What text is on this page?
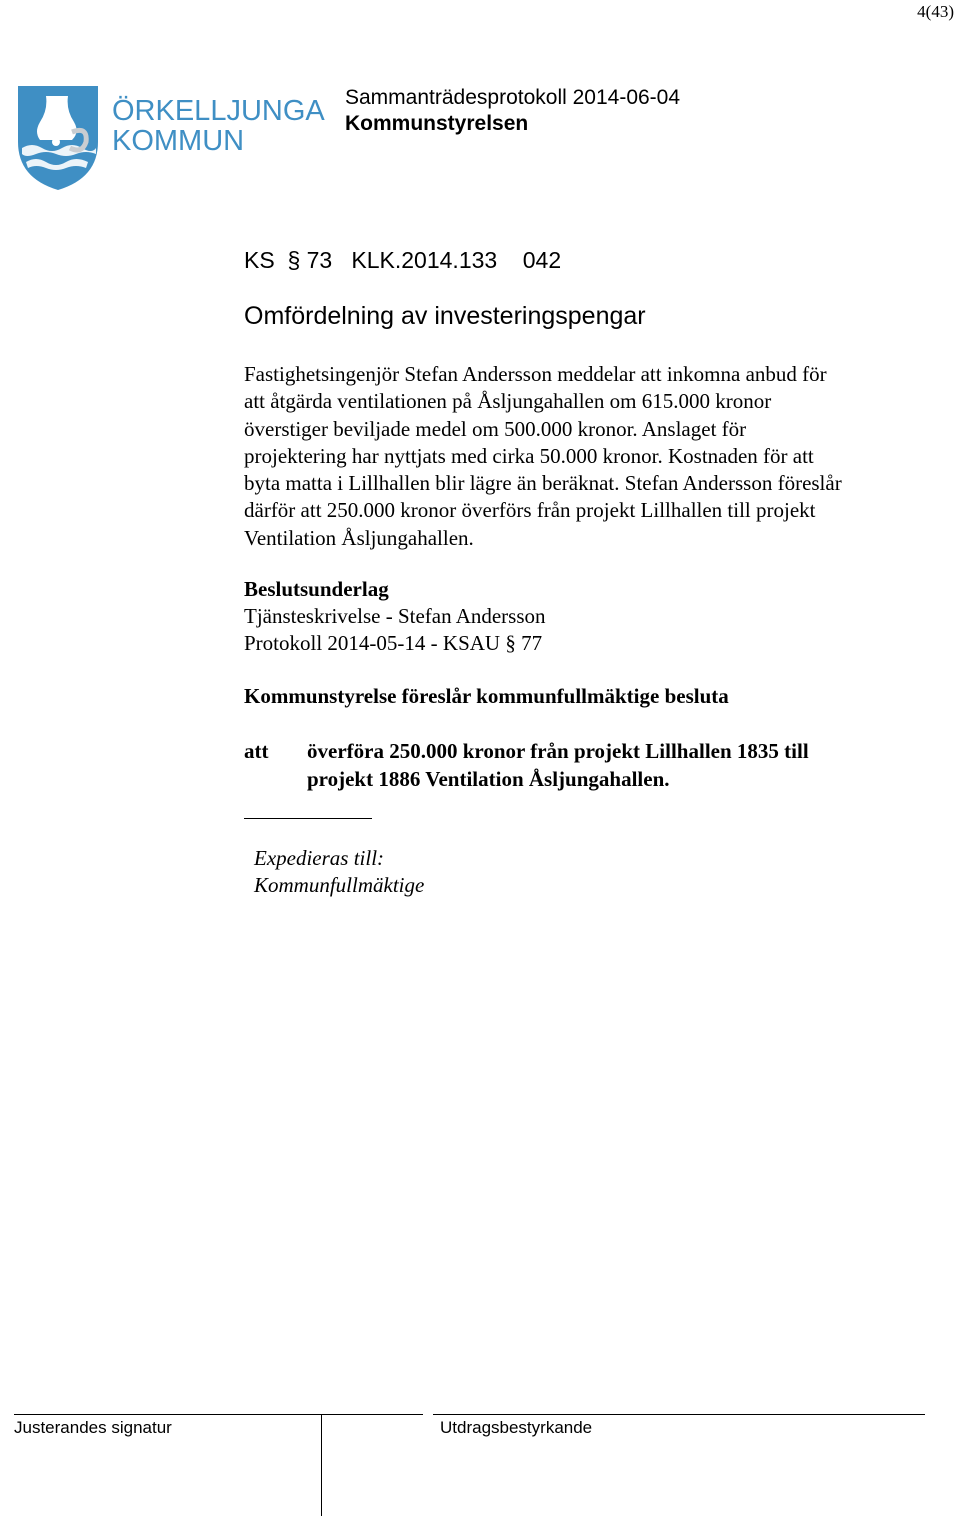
4(43)
ÖRKELLJUNGA
KOMMUN
Sammanträdesprotokoll 2014-06-04
Kommunstyrelsen
KS  § 73   KLK.2014.133    042
Omfördelning av investeringspengar
Fastighetsingenjör Stefan Andersson meddelar att inkomna anbud för
att åtgärda ventilationen på Åsljungahallen om 615.000 kronor
överstiger beviljade medel om 500.000 kronor. Anslaget för
projektering har nyttjats med cirka 50.000 kronor. Kostnaden för att
byta matta i Lillhallen blir lägre än beräknat. Stefan Andersson föreslår
därför att 250.000 kronor överförs från projekt Lillhallen till projekt
Ventilation Åsljungahallen.
Beslutsunderlag
Tjänsteskrivelse - Stefan Andersson
Protokoll 2014-05-14 - KSAU § 77
Kommunstyrelse föreslår kommunfullmäktige besluta
att överföra 250.000 kronor från projekt Lillhallen 1835 till
projekt 1886 Ventilation Åsljungahallen.
Expedieras till:
Kommunfullmäktige
Justerandes signatur	Utdragsbestyrkande
